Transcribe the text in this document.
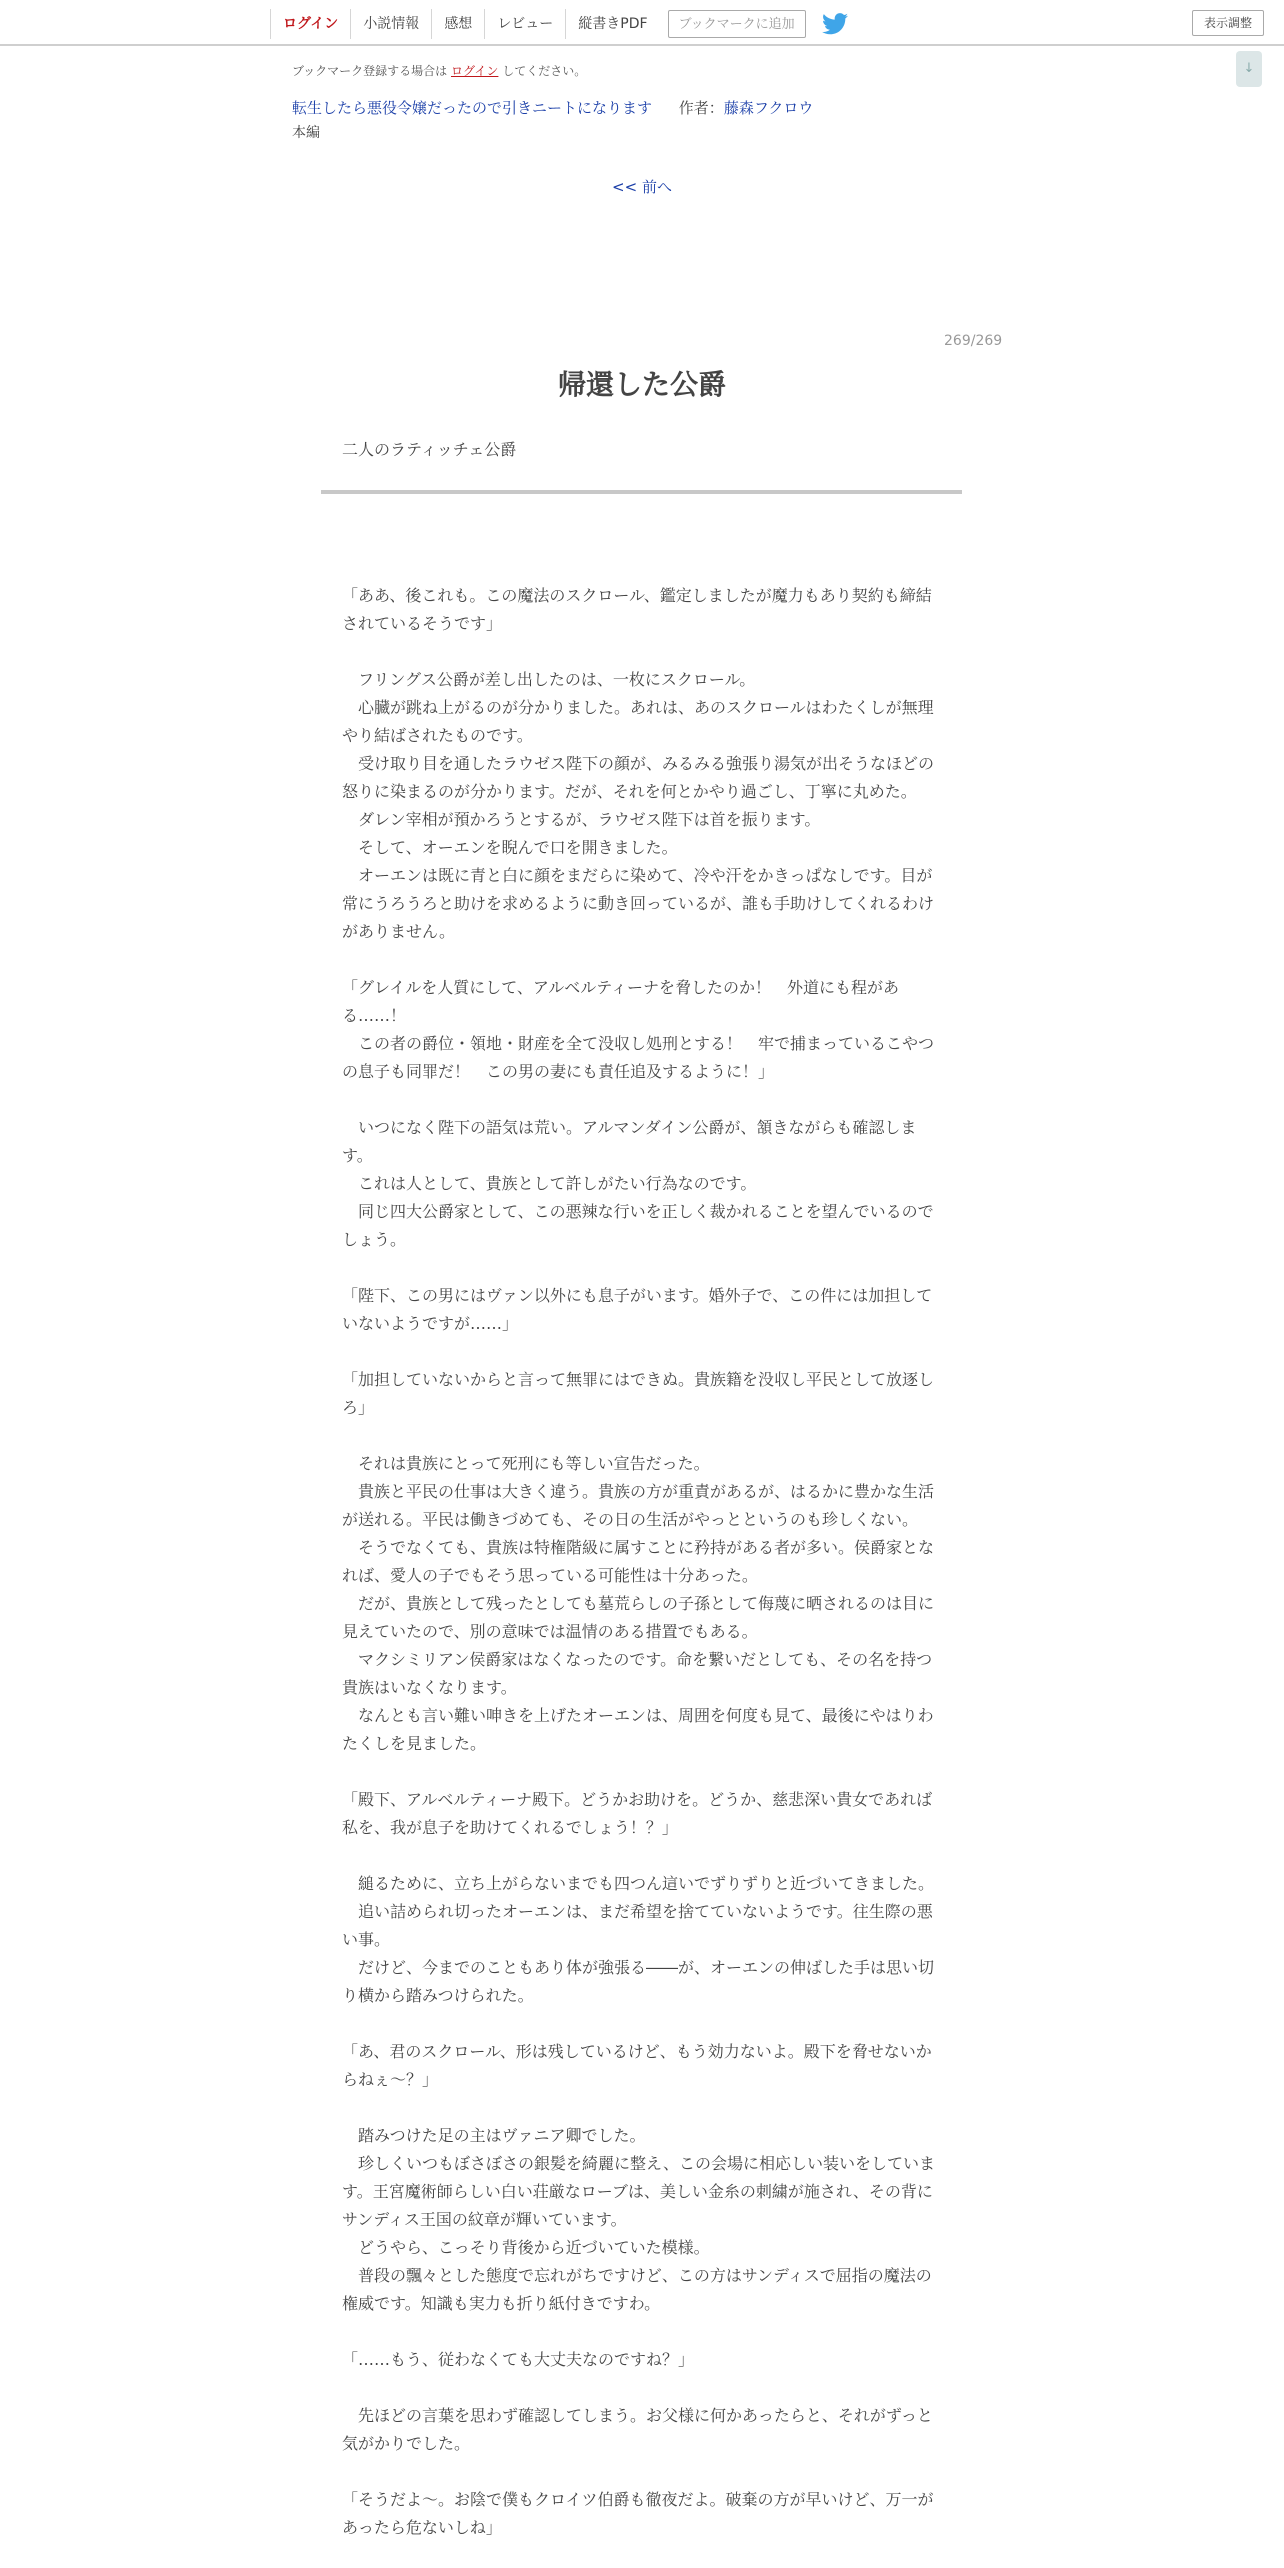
ログイン	小説情報	感想	レビュー	縦書きPDF	ブックマークに追加	表示調整
↓
ブックマーク登録する場合は ログイン してください。
転生したら悪役令嬢だったので引きニートになります 作者：藤森フクロウ
本編
<< 前へ
269/269
帰還した公爵
二人のラティッチェ公爵

「ああ、後これも。この魔法のスクロール、鑑定しましたが魔力もあり契約も締結されているそうです」

　フリングス公爵が差し出したのは、一枚にスクロール。

　心臓が跳ね上がるのが分かりました。あれは、あのスクロールはわたくしが無理やり結ばされたものです。

　受け取り目を通したラウゼス陛下の顔が、みるみる強張り湯気が出そうなほどの怒りに染まるのが分かります。だが、それを何とかやり過ごし、丁寧に丸めた。

　ダレン宰相が預かろうとするが、ラウゼス陛下は首を振ります。

　そして、オーエンを睨んで口を開きました。

　オーエンは既に青と白に顔をまだらに染めて、冷や汗をかきっぱなしです。目が常にうろうろと助けを求めるように動き回っているが、誰も手助けしてくれるわけがありません。

「グレイルを人質にして、アルベルティーナを脅したのか！　外道にも程がある……！

　この者の爵位・領地・財産を全て没収し処刑とする！　牢で捕まっているこやつの息子も同罪だ！　この男の妻にも責任追及するように！」

　いつになく陛下の語気は荒い。アルマンダイン公爵が、頷きながらも確認します。

　これは人として、貴族として許しがたい行為なのです。

　同じ四大公爵家として、この悪辣な行いを正しく裁かれることを望んでいるのでしょう。

「陛下、この男にはヴァン以外にも息子がいます。婚外子で、この件には加担していないようですが……」

「加担していないからと言って無罪にはできぬ。貴族籍を没収し平民として放逐しろ」

　それは貴族にとって死刑にも等しい宣告だった。

　貴族と平民の仕事は大きく違う。貴族の方が重責があるが、はるかに豊かな生活が送れる。平民は働きづめても、その日の生活がやっとというのも珍しくない。

　そうでなくても、貴族は特権階級に属すことに矜持がある者が多い。侯爵家となれば、愛人の子でもそう思っている可能性は十分あった。

　だが、貴族として残ったとしても墓荒らしの子孫として侮蔑に晒されるのは目に見えていたので、別の意味では温情のある措置でもある。

　マクシミリアン侯爵家はなくなったのです。命を繋いだとしても、その名を持つ貴族はいなくなります。

　なんとも言い難い呻きを上げたオーエンは、周囲を何度も見て、最後にやはりわたくしを見ました。

「殿下、アルベルティーナ殿下。どうかお助けを。どうか、慈悲深い貴女であれば私を、我が息子を助けてくれるでしょう！？」

　縋るために、立ち上がらないまでも四つん這いでずりずりと近づいてきました。

　追い詰められ切ったオーエンは、まだ希望を捨てていないようです。往生際の悪い事。

　だけど、今までのこともあり体が強張る――が、オーエンの伸ばした手は思い切り横から踏みつけられた。

「あ、君のスクロール、形は残しているけど、もう効力ないよ。殿下を脅せないからねぇ～？」

　踏みつけた足の主はヴァニア卿でした。

　珍しくいつもぼさぼさの銀髪を綺麗に整え、この会場に相応しい装いをしています。王宮魔術師らしい白い荘厳なローブは、美しい金糸の刺繍が施され、その背にサンディス王国の紋章が輝いています。

　どうやら、こっそり背後から近づいていた模様。

　普段の飄々とした態度で忘れがちですけど、この方はサンディスで屈指の魔法の権威です。知識も実力も折り紙付きですわ。

「……もう、従わなくても大丈夫なのですね？」

　先ほどの言葉を思わず確認してしまう。お父様に何かあったらと、それがずっと気がかりでした。

「そうだよ～。お陰で僕もクロイツ伯爵も徹夜だよ。破棄の方が早いけど、万一があったら危ないしね」
